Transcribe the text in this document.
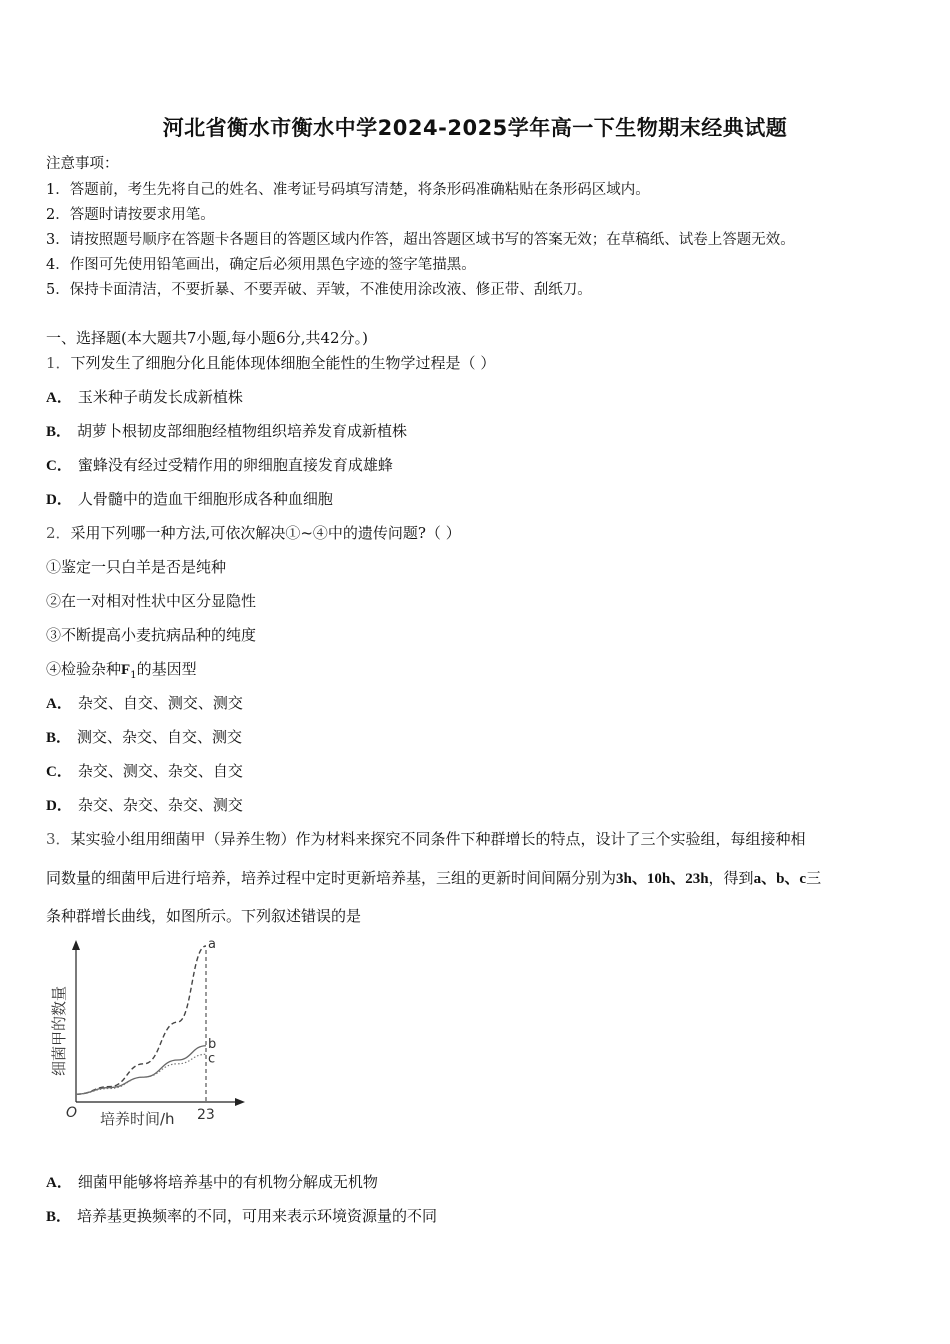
河北省衡水市衡水中学2024-2025学年高一下生物期末经典试题
注意事项：
1．答题前，考生先将自己的姓名、准考证号码填写清楚，将条形码准确粘贴在条形码区域内。
2．答题时请按要求用笔。
3．请按照题号顺序在答题卡各题目的答题区域内作答，超出答题区域书写的答案无效；在草稿纸、试卷上答题无效。
4．作图可先使用铅笔画出，确定后必须用黑色字迹的签字笔描黑。
5．保持卡面清洁，不要折暴、不要弄破、弄皱，不准使用涂改液、修正带、刮纸刀。
一、选择题(本大题共7小题,每小题6分,共42分。)
1．下列发生了细胞分化且能体现体细胞全能性的生物学过程是（ ）
A． 玉米种子萌发长成新植株
B． 胡萝卜根韧皮部细胞经植物组织培养发育成新植株
C． 蜜蜂没有经过受精作用的卵细胞直接发育成雄蜂
D． 人骨髓中的造血干细胞形成各种血细胞
2．采用下列哪一种方法,可依次解决①~④中的遗传问题?（ ）
①鉴定一只白羊是否是纯种
②在一对相对性状中区分显隐性
③不断提高小麦抗病品种的纯度
④检验杂种$F_1$的基因型
A． 杂交、自交、测交、测交
B． 测交、杂交、自交、测交
C． 杂交、测交、杂交、自交
D． 杂交、杂交、杂交、测交
3．某实验小组用细菌甲（异养生物）作为材料来探究不同条件下种群增长的特点，设计了三个实验组，每组接种相
同数量的细菌甲后进行培养，培养过程中定时更新培养基，三组的更新时间间隔分别为3h、10h、23h，得到a、b、c三
条种群增长曲线，如图所示。下列叙述错误的是
a
b
c
O 培养时间/h 23
细菌甲的数量
A． 细菌甲能够将培养基中的有机物分解成无机物
B． 培养基更换频率的不同，可用来表示环境资源量的不同
